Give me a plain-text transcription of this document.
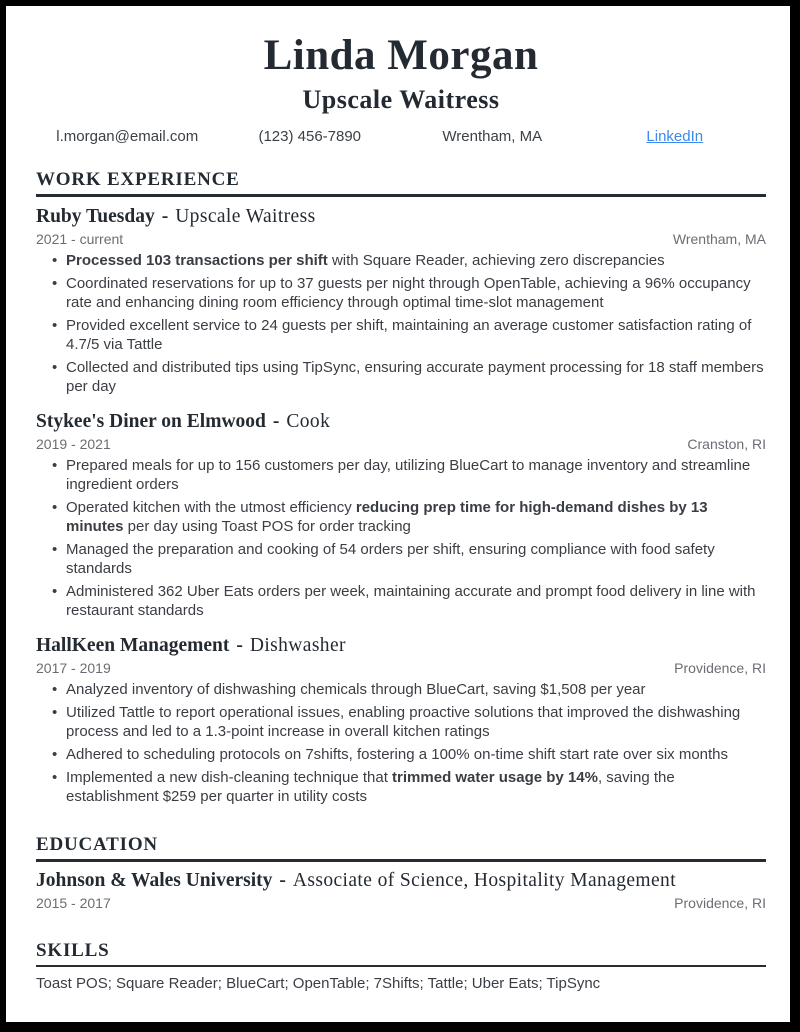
Linda Morgan
Upscale Waitress
l.morgan@email.com	(123) 456-7890	Wrentham, MA	LinkedIn
WORK EXPERIENCE
Ruby Tuesday - Upscale Waitress
2021 - current	Wrentham, MA
• Processed 103 transactions per shift with Square Reader, achieving zero discrepancies
• Coordinated reservations for up to 37 guests per night through OpenTable, achieving a 96% occupancy rate and enhancing dining room efficiency through optimal time-slot management
• Provided excellent service to 24 guests per shift, maintaining an average customer satisfaction rating of 4.7/5 via Tattle
• Collected and distributed tips using TipSync, ensuring accurate payment processing for 18 staff members per day
Stykee's Diner on Elmwood - Cook
2019 - 2021	Cranston, RI
• Prepared meals for up to 156 customers per day, utilizing BlueCart to manage inventory and streamline ingredient orders
• Operated kitchen with the utmost efficiency reducing prep time for high-demand dishes by 13 minutes per day using Toast POS for order tracking
• Managed the preparation and cooking of 54 orders per shift, ensuring compliance with food safety standards
• Administered 362 Uber Eats orders per week, maintaining accurate and prompt food delivery in line with restaurant standards
HallKeen Management - Dishwasher
2017 - 2019	Providence, RI
• Analyzed inventory of dishwashing chemicals through BlueCart, saving $1,508 per year
• Utilized Tattle to report operational issues, enabling proactive solutions that improved the dishwashing process and led to a 1.3-point increase in overall kitchen ratings
• Adhered to scheduling protocols on 7shifts, fostering a 100% on-time shift start rate over six months
• Implemented a new dish-cleaning technique that trimmed water usage by 14%, saving the establishment $259 per quarter in utility costs
EDUCATION
Johnson & Wales University - Associate of Science, Hospitality Management
2015 - 2017	Providence, RI
SKILLS
Toast POS; Square Reader; BlueCart; OpenTable; 7Shifts; Tattle; Uber Eats; TipSync
